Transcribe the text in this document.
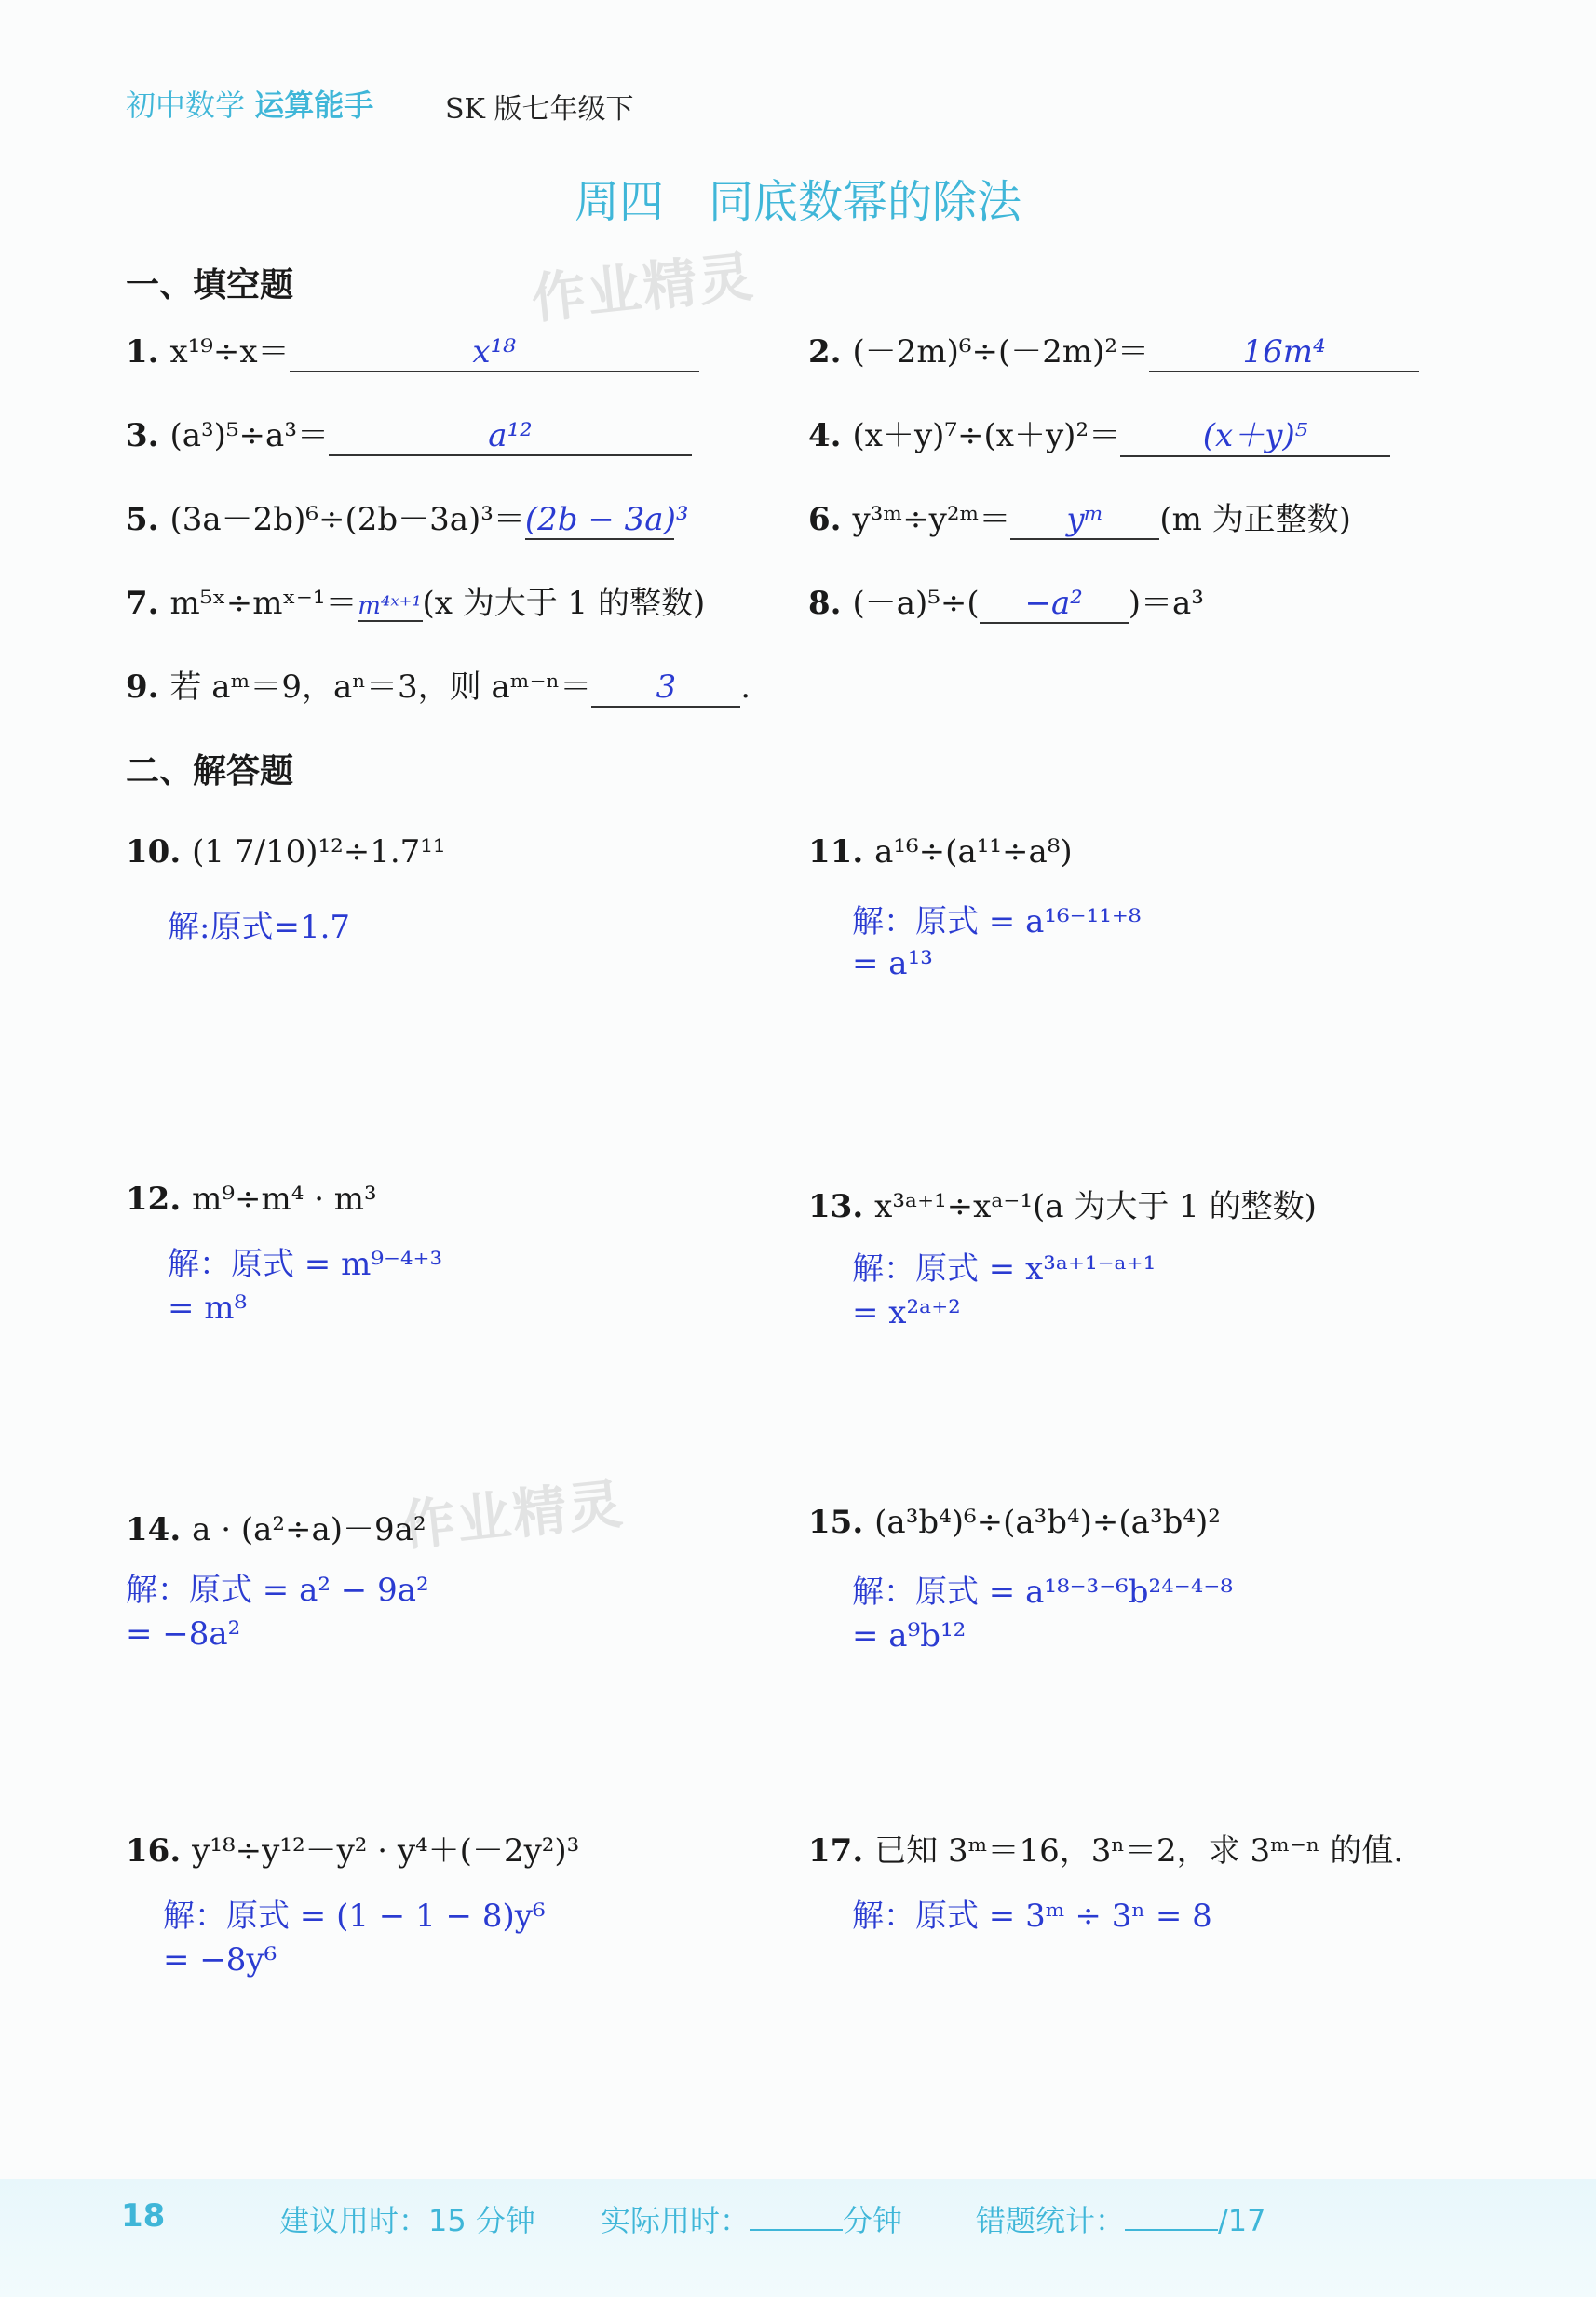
初中数学 运算能手	SK 版七年级下
周四　同底数幂的除法
一、填空题	作业精灵
1. x¹⁹÷x＝	x¹⁸	2. (－2m)⁶÷(－2m)²＝	16m⁴
3. (a³)⁵÷a³＝	a¹²	4. (x＋y)⁷÷(x＋y)²＝	(x＋y)⁵
5. (3a－2b)⁶÷(2b－3a)³＝(2b − 3a)³	6. y³ᵐ÷y²ᵐ＝ yᵐ (m 为正整数)
7. m⁵ˣ÷mˣ⁻¹＝m⁴ˣ⁺¹(x 为大于 1 的整数)	8. (－a)⁵÷( −a² )＝a³
9. 若 aᵐ＝9，aⁿ＝3，则 aᵐ⁻ⁿ＝ 3 .
二、解答题
10. (1 7/10)¹²÷1.7¹¹
解:原式=1.7
11. a¹⁶÷(a¹¹÷a⁸)
解：原式 = a¹⁶⁻¹¹⁺⁸
= a¹³
12. m⁹÷m⁴ · m³
解：原式 = m⁹⁻⁴⁺³
= m⁸
13. x³ᵃ⁺¹÷xᵃ⁻¹(a 为大于 1 的整数)
解：原式 = x³ᵃ⁺¹⁻ᵃ⁺¹
= x²ᵃ⁺²
作业精灵
14. a · (a²÷a)－9a²
解：原式 = a² − 9a²
= −8a²
15. (a³b⁴)⁶÷(a³b⁴)÷(a³b⁴)²
解：原式 = a¹⁸⁻³⁻⁶b²⁴⁻⁴⁻⁸
= a⁹b¹²
16. y¹⁸÷y¹²－y² · y⁴＋(－2y²)³
解：原式 = (1 − 1 − 8)y⁶
= −8y⁶
17. 已知 3ᵐ＝16，3ⁿ＝2，求 3ᵐ⁻ⁿ 的值.
解：原式 = 3ᵐ ÷ 3ⁿ = 8
18	建议用时：15 分钟 实际用时：	分钟 错题统计：	/17
